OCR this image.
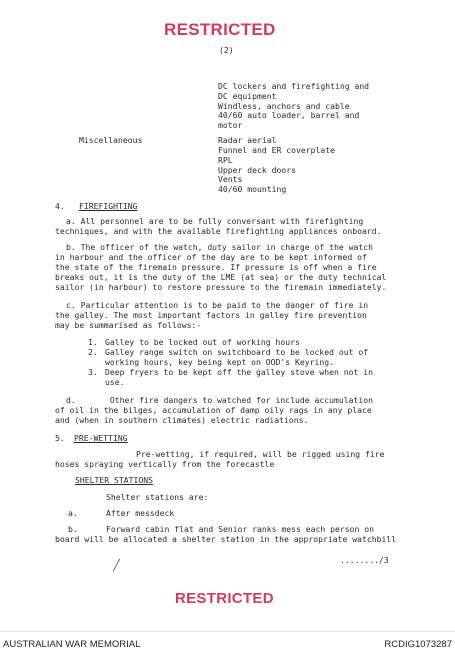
RESTRICTED
(2)
DC lockers and firefighting and
DC equipment
Windless, anchors and cable
40/60 auto loader, barrel and
motor
Miscellaneous	Radar aerial
Funnel and ER coverplate
RPL
Upper deck doors
Vents
40/60 mounting
4. FIREFIGHTING
a. All personnel are to be fully conversant with firefighting
techniques, and with the available firefighting appliances onboard.
b. The officer of the watch, duty sailor in charge of the watch
in harbour and the officer of the day are to be kept informed of
the state of the firemain pressure. If pressure is off when a fire
breaks out, it is the duty of the LME (at sea) or the duty technical
sailor (in harbour) to restore pressure to the firemain immediately.
c. Particular attention is to be paid to the danger of fire in
the galley. The most important factors in galley fire prevention
may be summarised as follows:-
1. Galley to be locked out of working hours
2. Galley range switch on switchboard to be locked out of
working hours, key being kept on OOD's Keyring.
3. Deep fryers to be kept off the galley stove when not in
use.
d.       Other fire dangers to watched for include accumulation
of oil in the bilges, accumulation of damp oily rags in any place
and (when in southern climates) electric radiations.
5. PRE-WETTING
Pre-wetting, if required, will be rigged using fire
hoses spraying vertically from the forecastle
SHELTER STATIONS
Shelter stations are:
a.	After messdeck
b.	Forward cabin flat and Senior ranks mess each person on
board will be allocated a shelter station in the appropriate watchbill
......../3
RESTRICTED
AUSTRALIAN WAR MEMORIAL	RCDIG1073287
